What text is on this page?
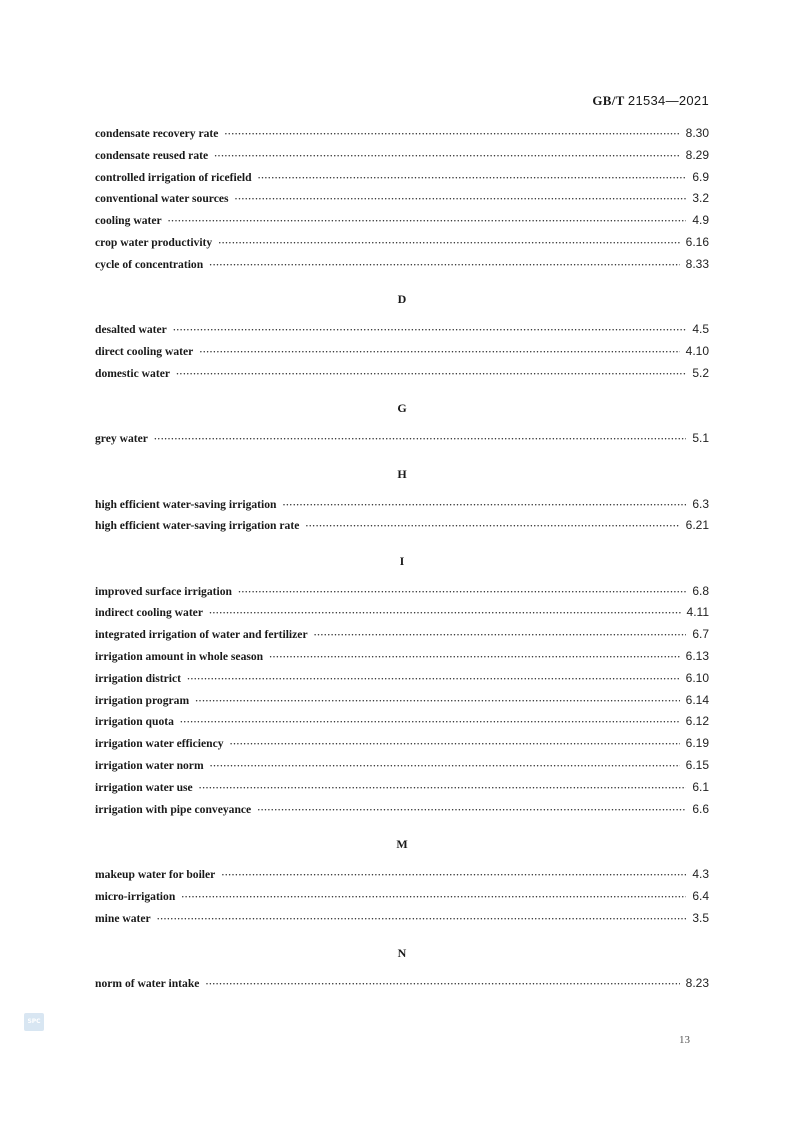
GB/T 21534—2021
condensate recovery rate ·····	8.30
condensate reused rate ·····	8.29
controlled irrigation of ricefield ·····	6.9
conventional water sources ·····	3.2
cooling water ·····	4.9
crop water productivity ·····	6.16
cycle of concentration ·····	8.33
D
desalted water ·····	4.5
direct cooling water ·····	4.10
domestic water ·····	5.2
G
grey water ·····	5.1
H
high efficient water-saving irrigation ·····	6.3
high efficient water-saving irrigation rate ·····	6.21
I
improved surface irrigation ·····	6.8
indirect cooling water ·····	4.11
integrated irrigation of water and fertilizer ·····	6.7
irrigation amount in whole season ·····	6.13
irrigation district ·····	6.10
irrigation program ·····	6.14
irrigation quota ·····	6.12
irrigation water efficiency ·····	6.19
irrigation water norm ·····	6.15
irrigation water use ·····	6.1
irrigation with pipe conveyance ·····	6.6
M
makeup water for boiler ·····	4.3
micro-irrigation ·····	6.4
mine water ·····	3.5
N
norm of water intake ·····	8.23
SPC
13
